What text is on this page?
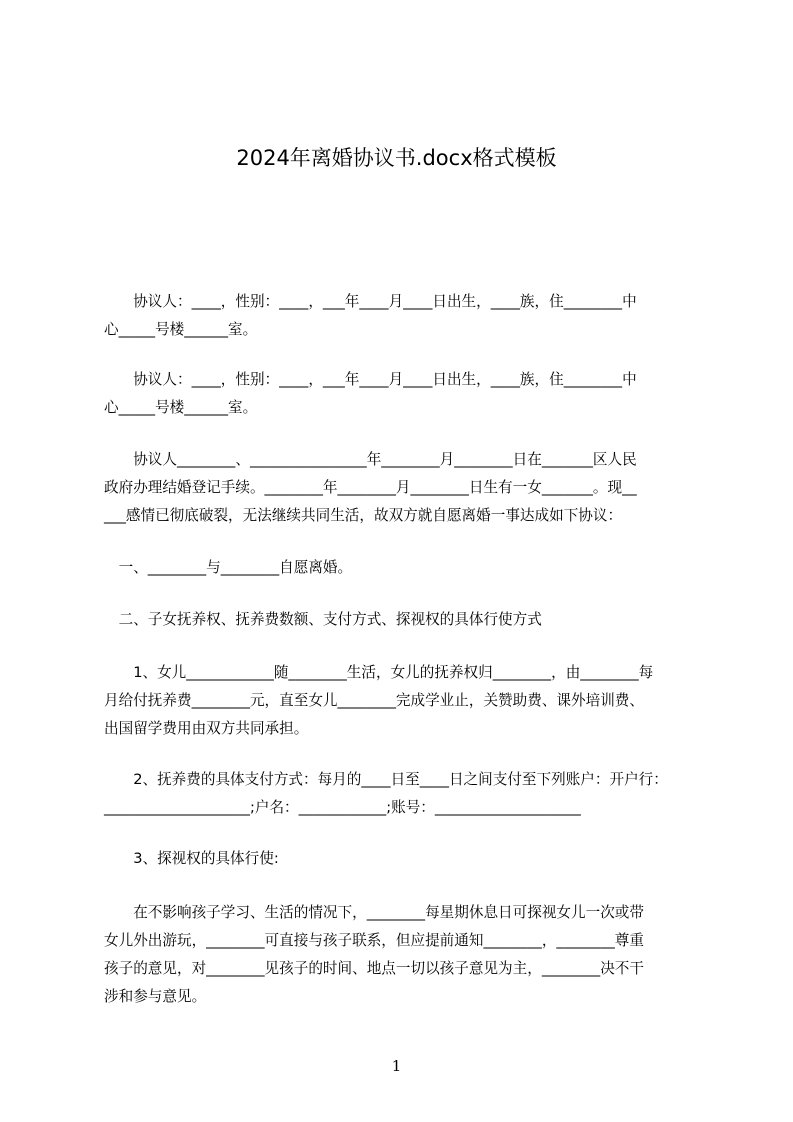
2024年离婚协议书.docx格式模板
　　协议人：____，性别：____，___年____月____日出生，____族，住________中
心_____号楼______室。
　　协议人：____，性别：____，___年____月____日出生，____族，住________中
心_____号楼______室。
　　协议人________、________________年________月________日在_______区人民
政府办理结婚登记手续。________年________月________日生有一女_______。现__
___感情已彻底破裂，无法继续共同生活，故双方就自愿离婚一事达成如下协议：
　一、________与________自愿离婚。
　二、子女抚养权、抚养费数额、支付方式、探视权的具体行使方式
　　1、女儿____________随________生活，女儿的抚养权归________，由________每
月给付抚养费________元，直至女儿________完成学业止，关赞助费、课外培训费、
出国留学费用由双方共同承担。
　　2、抚养费的具体支付方式：每月的____日至____日之间支付至下列账户：开户行：
____________________;户名：____________;账号：____________________
　　3、探视权的具体行使:
　　在不影响孩子学习、生活的情况下，________每星期休息日可探视女儿一次或带
女儿外出游玩，________可直接与孩子联系，但应提前通知________，________尊重
孩子的意见，对________见孩子的时间、地点一切以孩子意见为主，________决不干
涉和参与意见。
1
